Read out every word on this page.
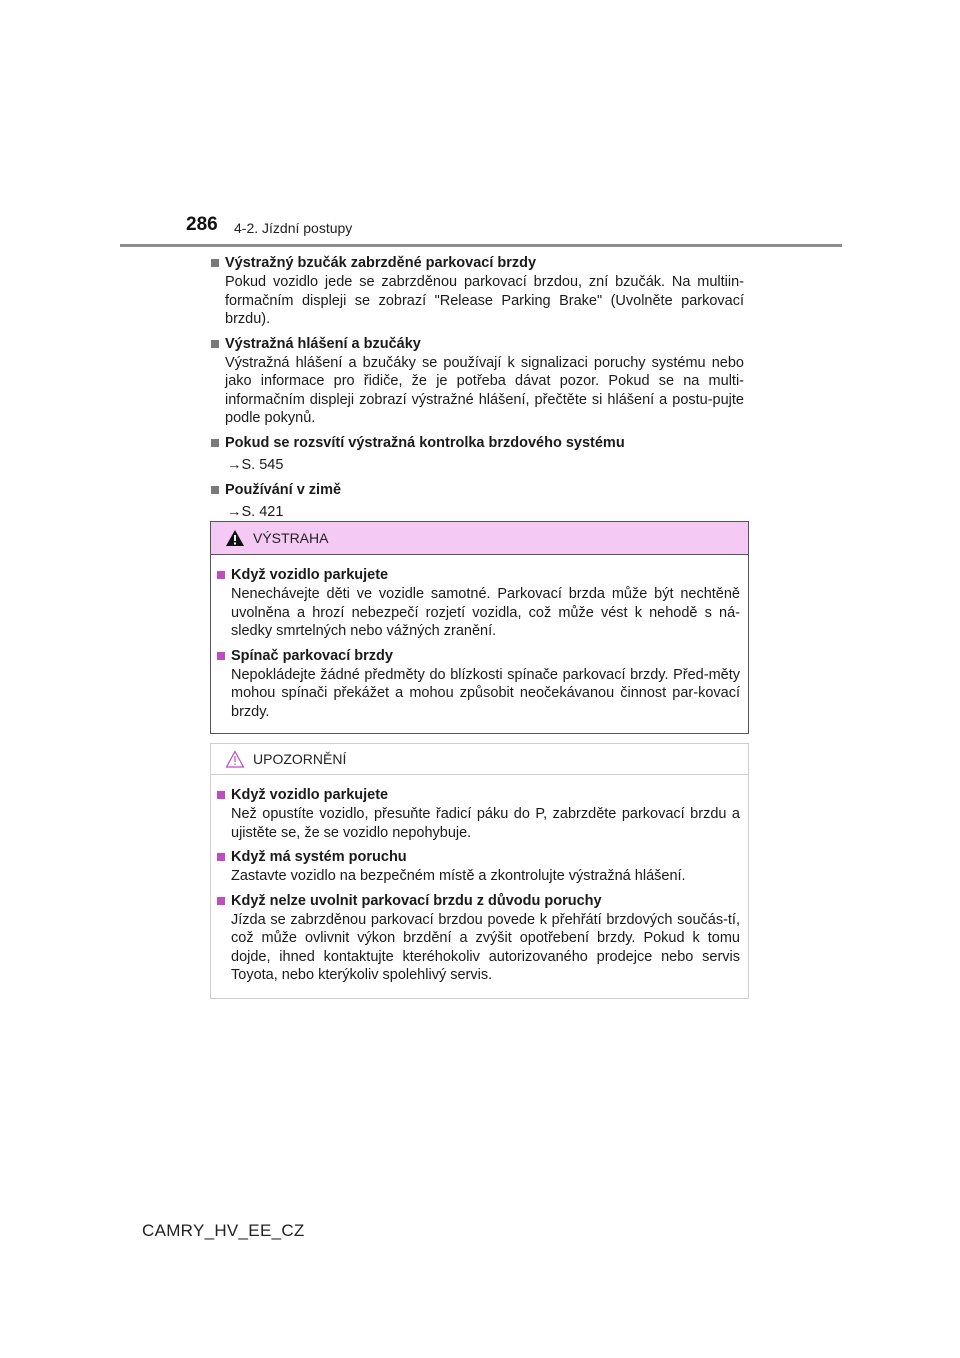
286 4-2. Jízdní postupy
Výstražný bzučák zabrzděné parkovací brzdy
Pokud vozidlo jede se zabrzděnou parkovací brzdou, zní bzučák. Na multiin-formačním displeji se zobrazí "Release Parking Brake" (Uvolněte parkovací brzdu).
Výstražná hlášení a bzučáky
Výstražná hlášení a bzučáky se používají k signalizaci poruchy systému nebo jako informace pro řidiče, že je potřeba dávat pozor. Pokud se na multi-informačním displeji zobrazí výstražné hlášení, přečtěte si hlášení a postu-pujte podle pokynů.
Pokud se rozsvítí výstražná kontrolka brzdového systému
→S. 545
Používání v zimě
→S. 421
VÝSTRAHA
Když vozidlo parkujete
Nenechávejte děti ve vozidle samotné. Parkovací brzda může být nechtěně uvolněna a hrozí nebezpečí rozjetí vozidla, což může vést k nehodě s ná-sledky smrtelných nebo vážných zranění.
Spínač parkovací brzdy
Nepokládejte žádné předměty do blízkosti spínače parkovací brzdy. Před-měty mohou spínači překážet a mohou způsobit neočekávanou činnost par-kovací brzdy.
UPOZORNĚNÍ
Když vozidlo parkujete
Než opustíte vozidlo, přesuňte řadicí páku do P, zabrzděte parkovací brzdu a ujistěte se, že se vozidlo nepohybuje.
Když má systém poruchu
Zastavte vozidlo na bezpečném místě a zkontrolujte výstražná hlášení.
Když nelze uvolnit parkovací brzdu z důvodu poruchy
Jízda se zabrzděnou parkovací brzdou povede k přehřátí brzdových součás-tí, což může ovlivnit výkon brzdění a zvýšit opotřebení brzdy. Pokud k tomu dojde, ihned kontaktujte kteréhokoliv autorizovaného prodejce nebo servis Toyota, nebo kterýkoliv spolehlivý servis.
CAMRY_HV_EE_CZ
